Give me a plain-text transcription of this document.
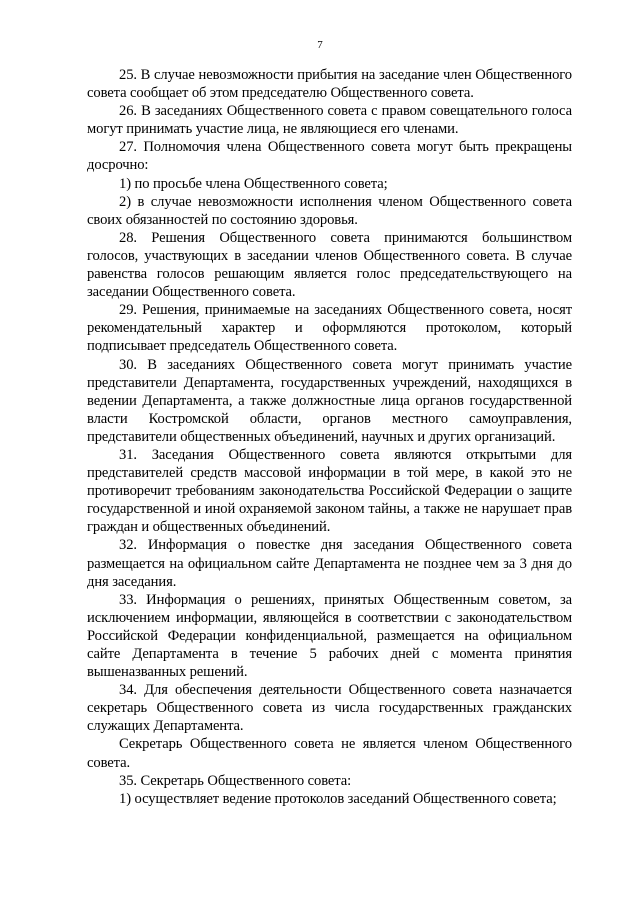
7

25. В случае невозможности прибытия на заседание член Общественного совета сообщает об этом председателю Общественного совета.

26. В заседаниях Общественного совета с правом совещательного голоса могут принимать участие лица, не являющиеся его членами.

27. Полномочия члена Общественного совета могут быть прекращены досрочно:

1) по просьбе члена Общественного совета;

2) в случае невозможности исполнения членом Общественного совета своих обязанностей по состоянию здоровья.

28. Решения Общественного совета принимаются большинством голосов, участвующих в заседании членов Общественного совета. В случае равенства голосов решающим является голос председательствующего на заседании Общественного совета.

29. Решения, принимаемые на заседаниях Общественного совета, носят рекомендательный характер и оформляются протоколом, который подписывает председатель Общественного совета.

30. В заседаниях Общественного совета могут принимать участие представители Департамента, государственных учреждений, находящихся в ведении Департамента, а также должностные лица органов государственной власти Костромской области, органов местного самоуправления, представители общественных объединений, научных и других организаций.

31. Заседания Общественного совета являются открытыми для представителей средств массовой информации в той мере, в какой это не противоречит требованиям законодательства Российской Федерации о защите государственной и иной охраняемой законом тайны, а также не нарушает прав граждан и общественных объединений.

32. Информация о повестке дня заседания Общественного совета размещается на официальном сайте Департамента не позднее чем за 3 дня до дня заседания.

33. Информация о решениях, принятых Общественным советом, за исключением информации, являющейся в соответствии с законодательством Российской Федерации конфиденциальной, размещается на официальном сайте Департамента в течение 5 рабочих дней с момента принятия вышеназванных решений.

34. Для обеспечения деятельности Общественного совета назначается секретарь Общественного совета из числа государственных гражданских служащих Департамента.

Секретарь Общественного совета не является членом Общественного совета.

35. Секретарь Общественного совета:

1) осуществляет ведение протоколов заседаний Общественного совета;
